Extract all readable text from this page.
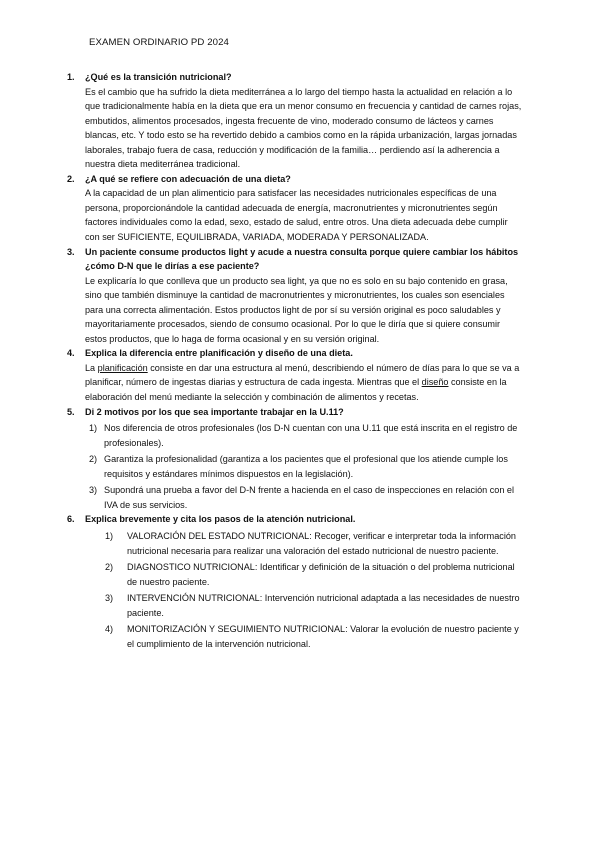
EXAMEN ORDINARIO PD 2024
1. ¿Qué es la transición nutricional?

Es el cambio que ha sufrido la dieta mediterránea a lo largo del tiempo hasta la actualidad en relación a lo que tradicionalmente había en la dieta que era un menor consumo en frecuencia y cantidad de carnes rojas, embutidos, alimentos procesados, ingesta frecuente de vino, moderado consumo de lácteos y carnes blancas, etc. Y todo esto se ha revertido debido a cambios como en la rápida urbanización, largas jornadas laborales, trabajo fuera de casa, reducción y modificación de la familia… perdiendo así la adherencia a nuestra dieta mediterránea tradicional.

2. ¿A qué se refiere con adecuación de una dieta?

A la capacidad de un plan alimenticio para satisfacer las necesidades nutricionales específicas de una persona, proporcionándole la cantidad adecuada de energía, macronutrientes y micronutrientes según factores individuales como la edad, sexo, estado de salud, entre otros. Una dieta adecuada debe cumplir con ser SUFICIENTE, EQUILIBRADA, VARIADA, MODERADA Y PERSONALIZADA.

3. Un paciente consume productos light y acude a nuestra consulta porque quiere cambiar los hábitos ¿cómo D-N que le dirías a ese paciente?

Le explicaría lo que conlleva que un producto sea light, ya que no es solo en su bajo contenido en grasa, sino que también disminuye la cantidad de macronutrientes y micronutrientes, los cuales son esenciales para una correcta alimentación. Estos productos light de por sí su versión original es poco saludables y mayoritariamente procesados, siendo de consumo ocasional. Por lo que le diría que si quiere consumir estos productos, que lo haga de forma ocasional y en su versión original.

4. Explica la diferencia entre planificación y diseño de una dieta.

La planificación consiste en dar una estructura al menú, describiendo el número de días para lo que se va a planificar, número de ingestas diarias y estructura de cada ingesta. Mientras que el diseño consiste en la elaboración del menú mediante la selección y combinación de alimentos y recetas.

5. Di 2 motivos por los que sea importante trabajar en la U.11?
1) Nos diferencia de otros profesionales (los D-N cuentan con una U.11 que está inscrita en el registro de profesionales).
2) Garantiza la profesionalidad (garantiza a los pacientes que el profesional que los atiende cumple los requisitos y estándares mínimos dispuestos en la legislación).
3) Supondrá una prueba a favor del D-N frente a hacienda en el caso de inspecciones en relación con el IVA de sus servicios.
6. Explica brevemente y cita los pasos de la atención nutricional.
1) VALORACIÓN DEL ESTADO NUTRICIONAL: Recoger, verificar e interpretar toda la información nutricional necesaria para realizar una valoración del estado nutricional de nuestro paciente.
2) DIAGNOSTICO NUTRICIONAL: Identificar y definición de la situación o del problema nutricional de nuestro paciente.
3) INTERVENCIÓN NUTRICIONAL: Intervención nutricional adaptada a las necesidades de nuestro paciente.
4) MONITORIZACIÓN Y SEGUIMIENTO NUTRICIONAL: Valorar la evolución de nuestro paciente y el cumplimiento de la intervención nutricional.
